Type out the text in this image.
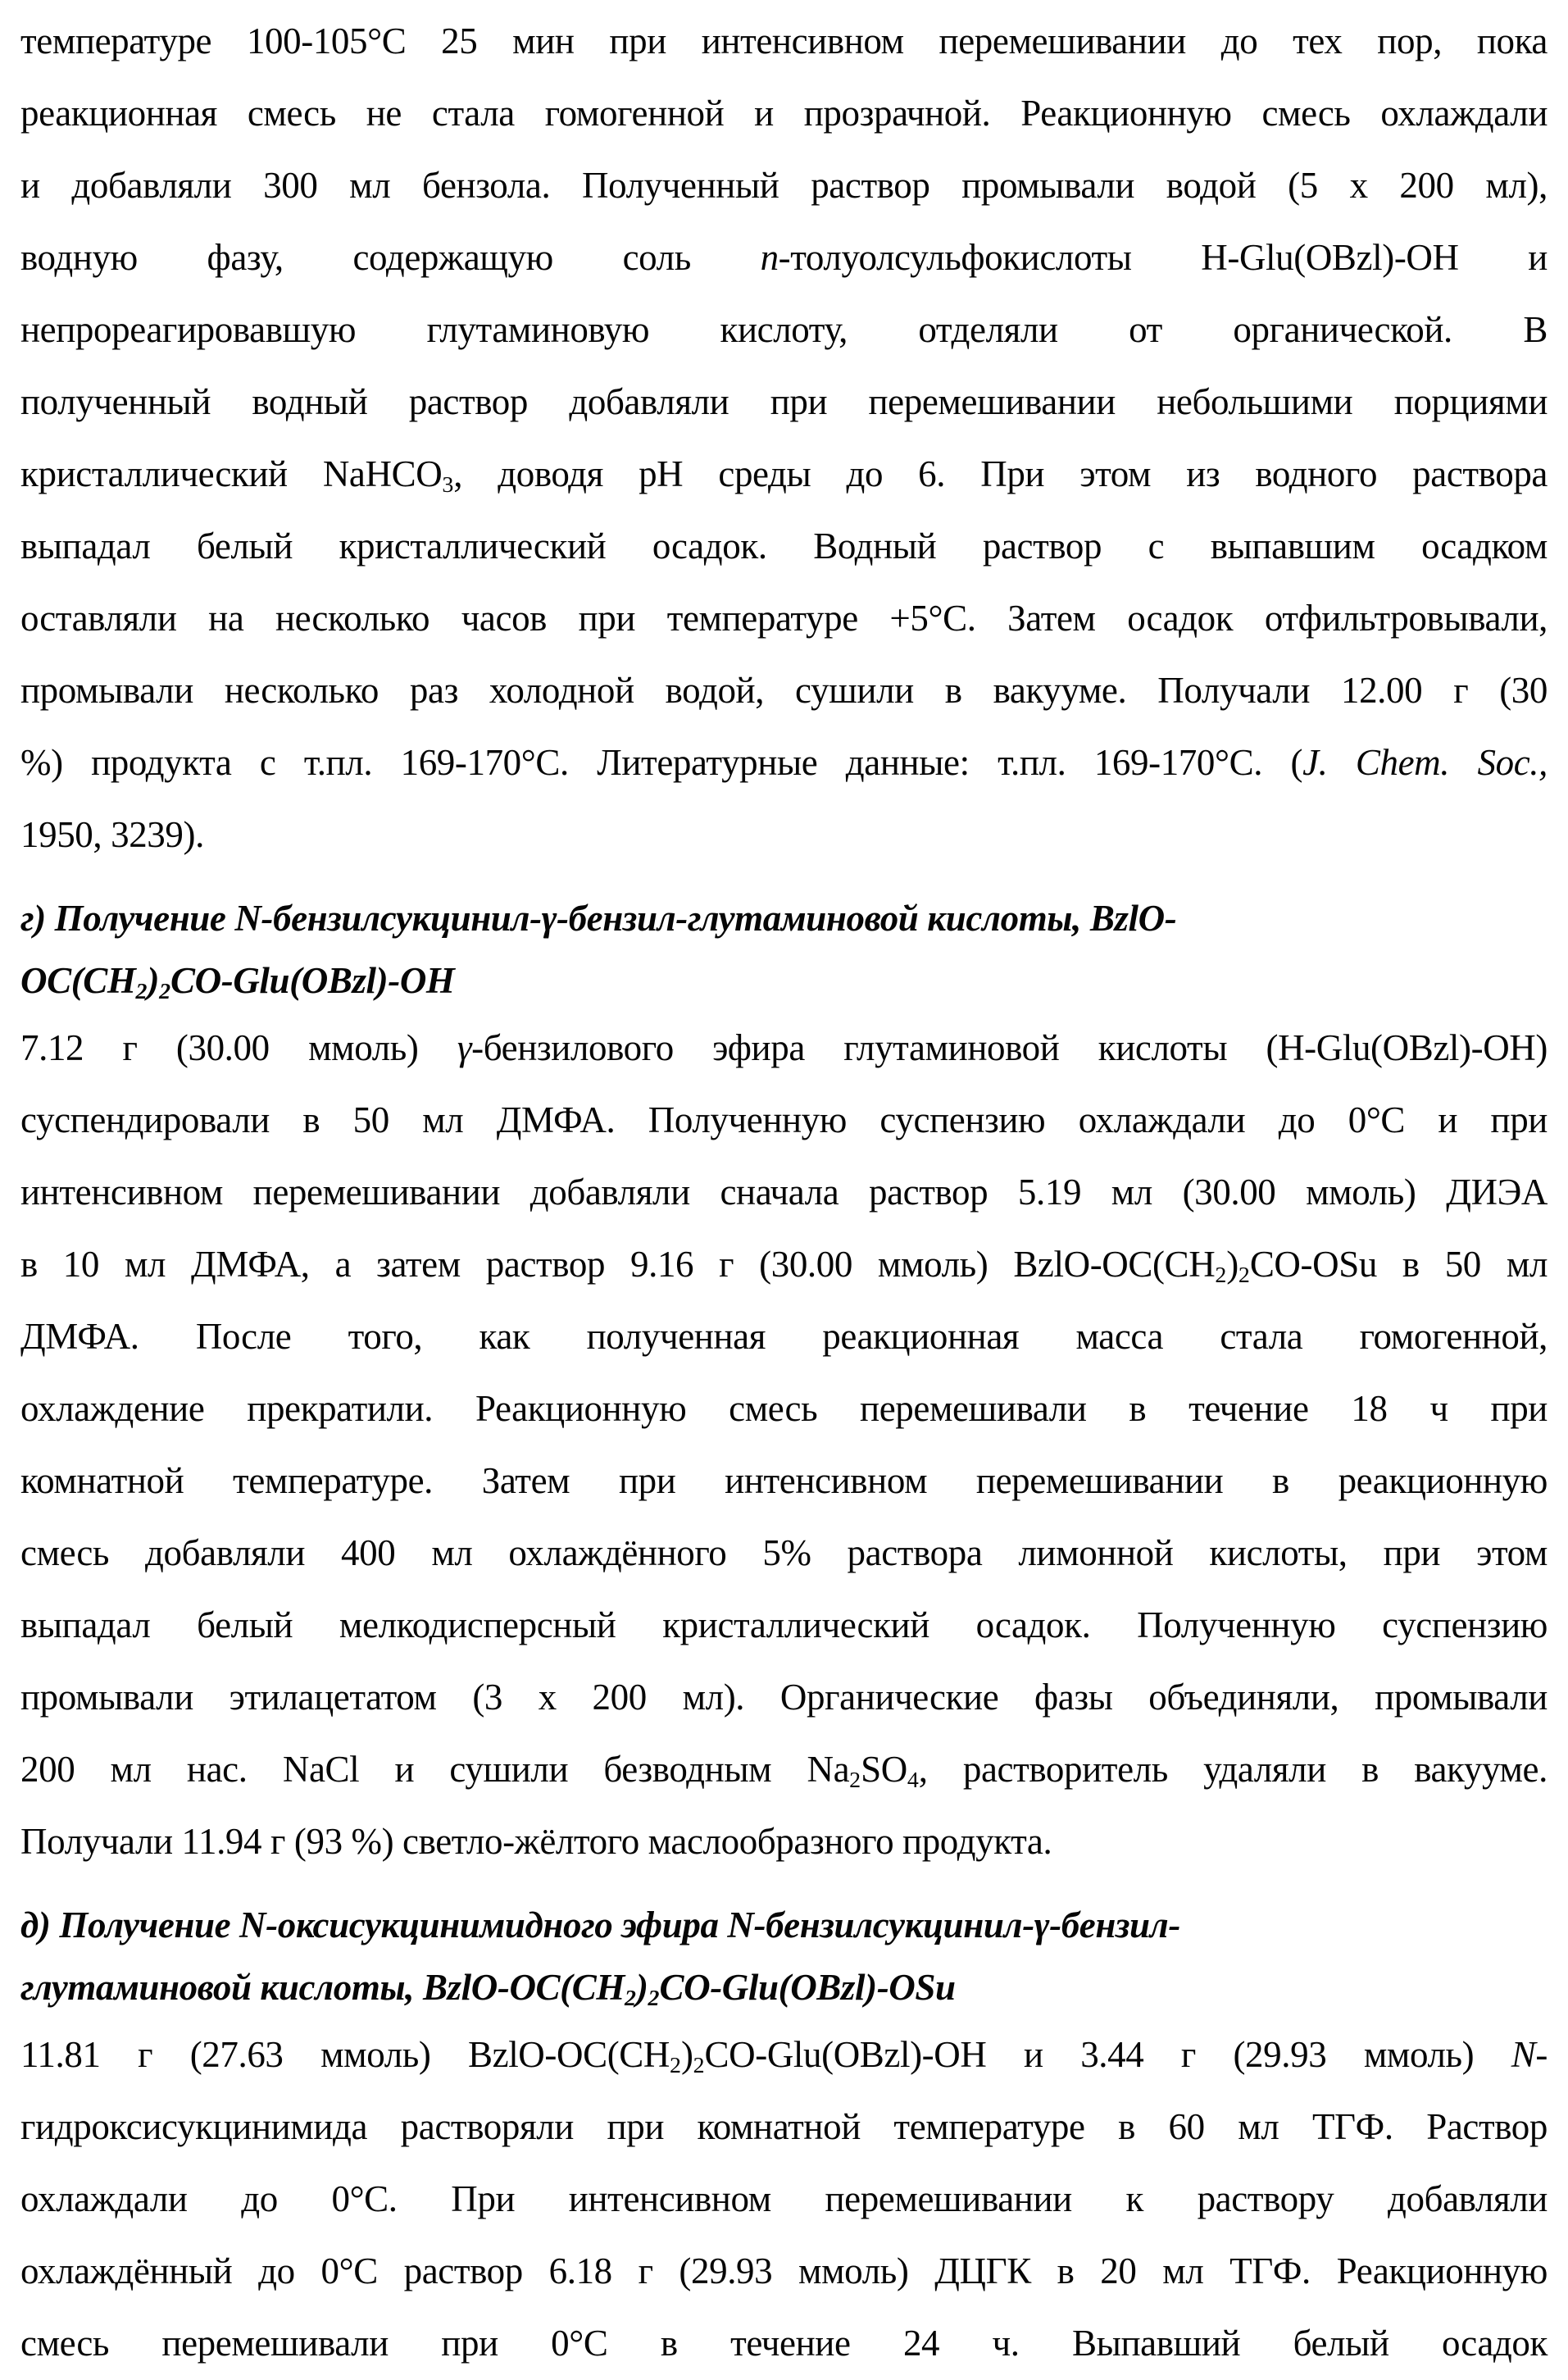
температуре 100-105°С 25 мин при интенсивном перемешивании до тех пор, пока
реакционная смесь не стала гомогенной и прозрачной. Реакционную смесь охлаждали
и добавляли 300 мл бензола. Полученный раствор промывали водой (5 х 200 мл),
водную фазу, содержащую соль n-толуолсульфокислоты H-Glu(OBzl)-OH и
непрореагировавшую глутаминовую кислоту, отделяли от органической. В
полученный водный раствор добавляли при перемешивании небольшими порциями
кристаллический NaHCO$_3$, доводя pH среды до 6. При этом из водного раствора
выпадал белый кристаллический осадок. Водный раствор с выпавшим осадком
оставляли на несколько часов при температуре +5°С. Затем осадок отфильтровывали,
промывали несколько раз холодной водой, сушили в вакууме. Получали 12.00 г (30
%) продукта с т.пл. 169-170°С. Литературные данные: т.пл. 169-170°С. (J. Chem. Soc.,
1950, 3239).
г) Получение N-бензилсукцинил-γ-бензил-глутаминовой кислоты, BzlO-
$OC(CH_2)_2CO-Glu(OBzl)-OH$
7.12 г (30.00 ммоль) γ-бензилового эфира глутаминовой кислоты (H-Glu(OBzl)-OH)
суспендировали в 50 мл ДМФА. Полученную суспензию охлаждали до 0°С и при
интенсивном перемешивании добавляли сначала раствор 5.19 мл (30.00 ммоль) ДИЭА
в 10 мл ДМФА, а затем раствор 9.16 г (30.00 ммоль) BzlO-$OC(CH_2)_2CO$-OSu в 50 мл
ДМФА. После того, как полученная реакционная масса стала гомогенной,
охлаждение прекратили. Реакционную смесь перемешивали в течение 18 ч при
комнатной температуре. Затем при интенсивном перемешивании в реакционную
смесь добавляли 400 мл охлаждённого 5% раствора лимонной кислоты, при этом
выпадал белый мелкодисперсный кристаллический осадок. Полученную суспензию
промывали этилацетатом (3 х 200 мл). Органические фазы объединяли, промывали
200 мл нас. NaCl и сушили безводным $Na_2SO_4$, растворитель удаляли в вакууме.
Получали 11.94 г (93 %) светло-жёлтого маслообразного продукта.
д) Получение N-оксисукцинимидного эфира N-бензилсукцинил-γ-бензил-
глутаминовой кислоты, BzlO-$OC(CH_2)_2CO-Glu(OBzl)$-OSu
11.81 г (27.63 ммоль) BzlO-$OC(CH_2)_2CO-Glu(OBzl)-OH$ и 3.44 г (29.93 ммоль) N-
гидроксисукцинимида растворяли при комнатной температуре в 60 мл ТГФ. Раствор
охлаждали до 0°С. При интенсивном перемешивании к раствору добавляли
охлаждённый до 0°С раствор 6.18 г (29.93 ммоль) ДЦГК в 20 мл ТГФ. Реакционную
смесь перемешивали при 0°С в течение 24 ч. Выпавший белый осадок
